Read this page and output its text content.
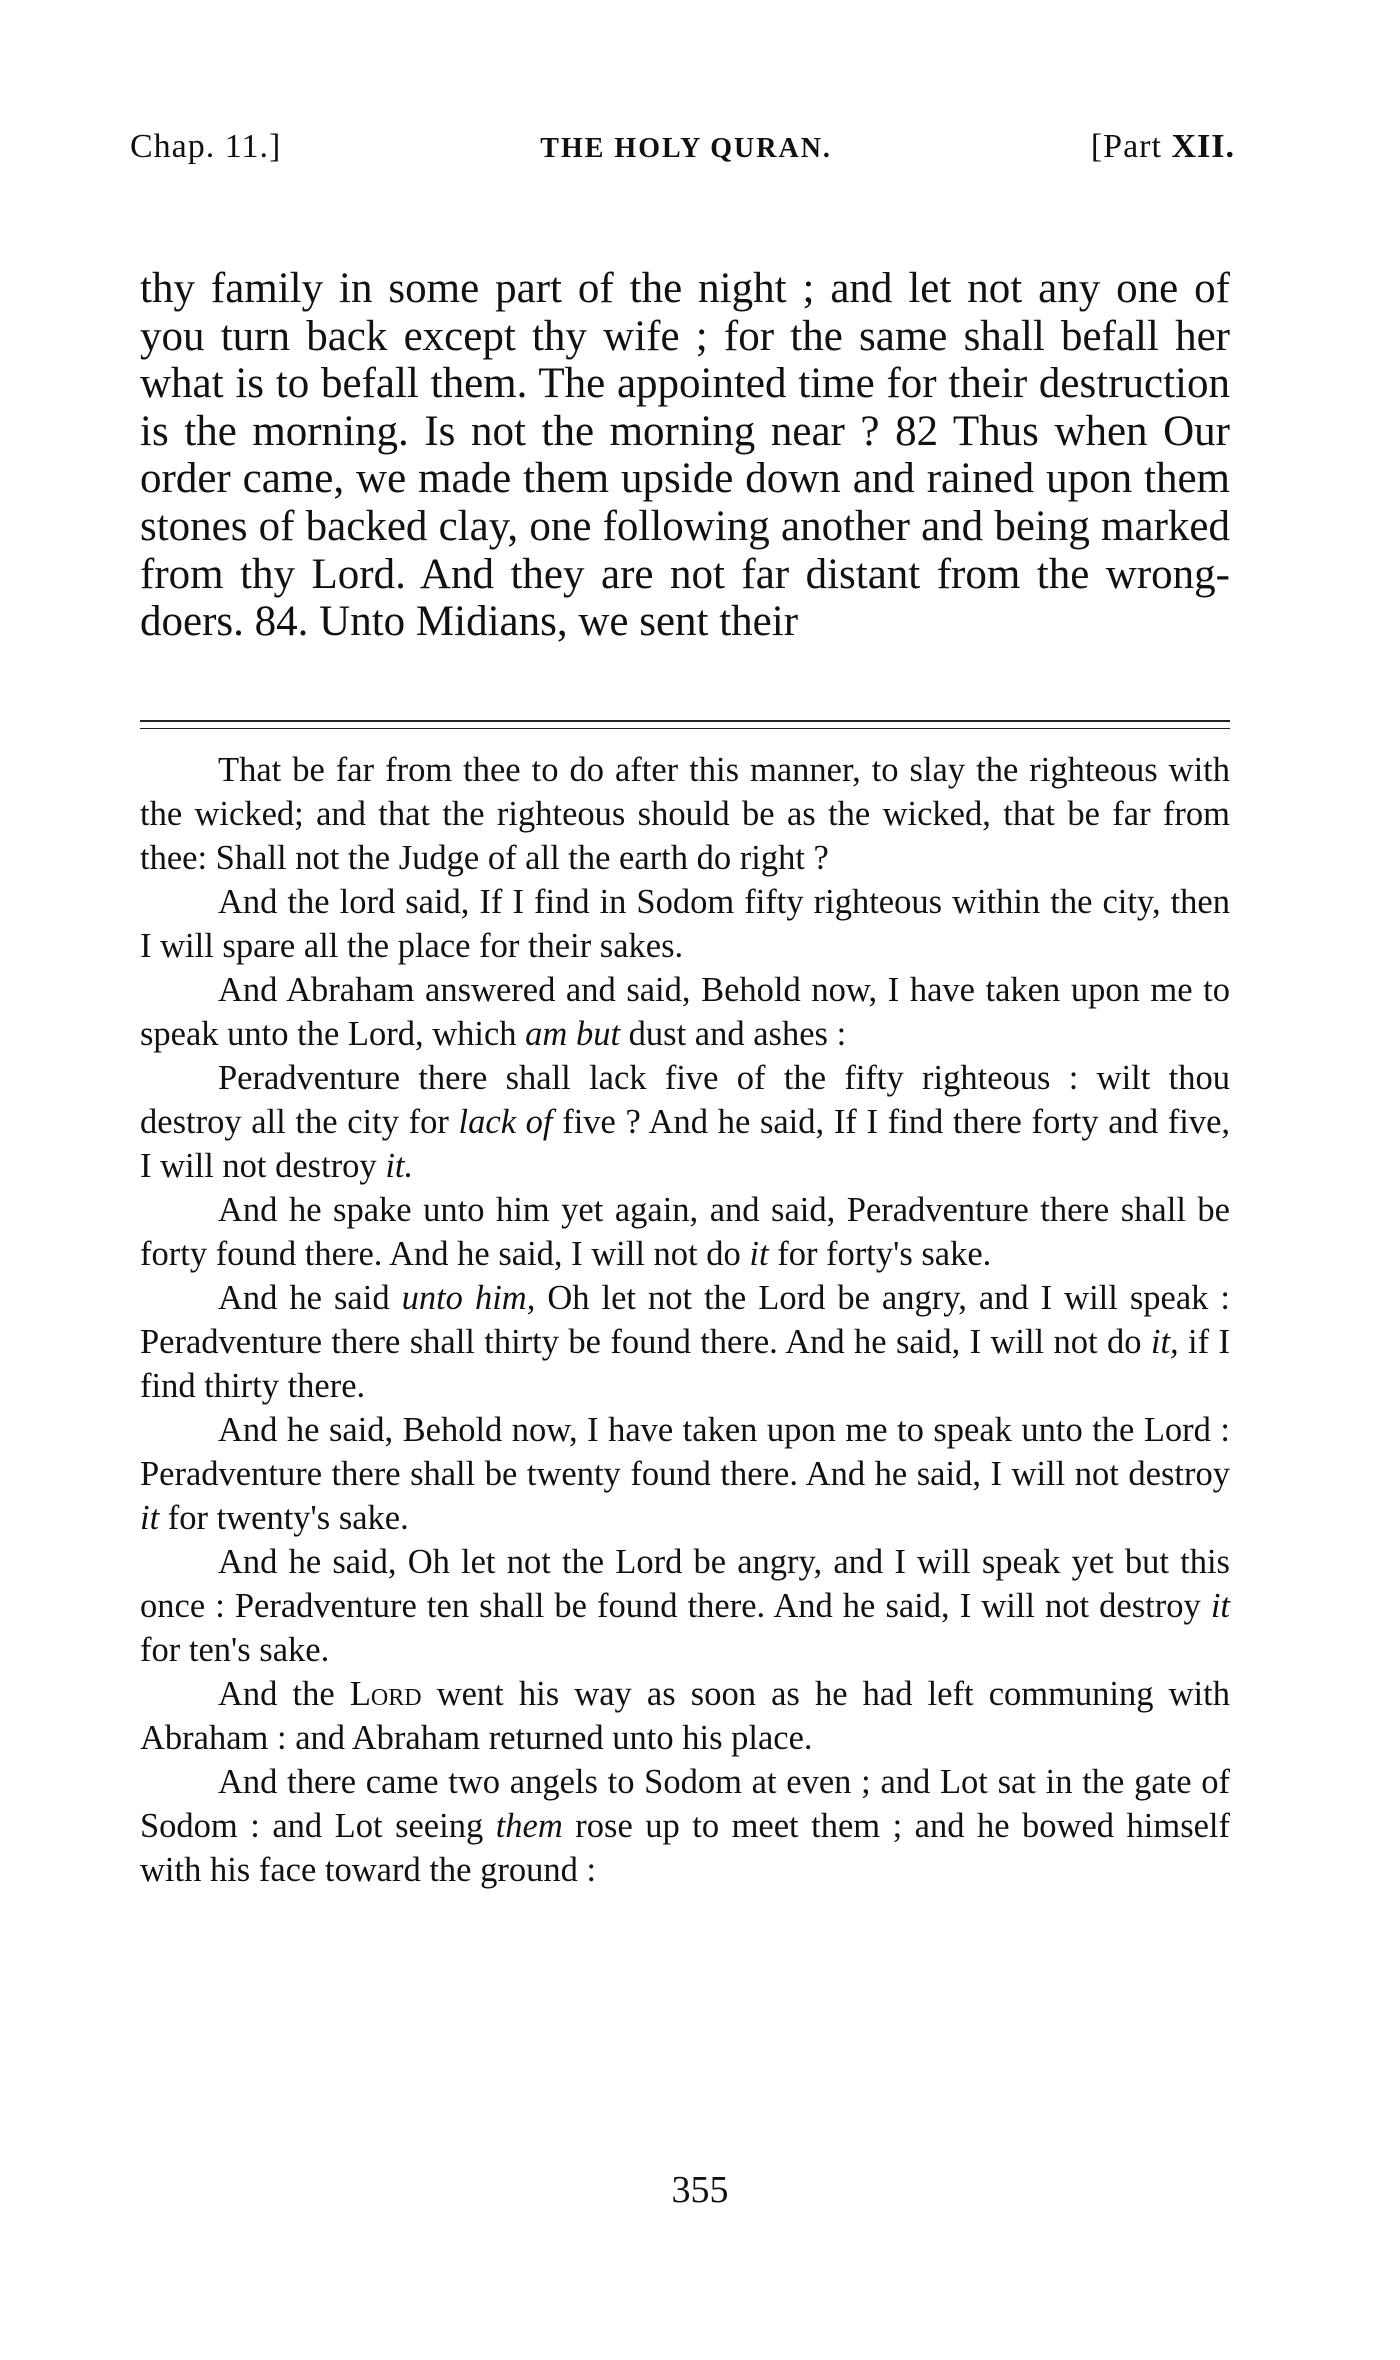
Chap. 11.]	THE HOLY QURAN.	[Part XII.

thy family in some part of the night ; and let not any one of you turn back except thy wife ; for the same shall befall her what is to befall them. The appointed time for their destruction is the morning. Is not the morning near ? 82 Thus when Our order came, we made them upside down and rained upon them stones of backed clay, one following another and being marked from thy Lord. And they are not far distant from the wrong-doers. 84. Unto Midians, we sent their

That be far from thee to do after this manner, to slay the righteous with the wicked; and that the righteous should be as the wicked, that be far from thee: Shall not the Judge of all the earth do right ?

And the lord said, If I find in Sodom fifty righteous within the city, then I will spare all the place for their sakes.

And Abraham answered and said, Behold now, I have taken upon me to speak unto the Lord, which am but dust and ashes :

Peradventure there shall lack five of the fifty righteous : wilt thou destroy all the city for lack of five ? And he said, If I find there forty and five, I will not destroy it.

And he spake unto him yet again, and said, Peradventure there shall be forty found there. And he said, I will not do it for forty's sake.

And he said unto him, Oh let not the Lord be angry, and I will speak : Peradventure there shall thirty be found there. And he said, I will not do it, if I find thirty there.

And he said, Behold now, I have taken upon me to speak unto the Lord : Peradventure there shall be twenty found there. And he said, I will not destroy it for twenty's sake.

And he said, Oh let not the Lord be angry, and I will speak yet but this once : Peradventure ten shall be found there. And he said, I will not destroy it for ten's sake.

And the Lord went his way as soon as he had left communing with Abraham : and Abraham returned unto his place.

And there came two angels to Sodom at even ; and Lot sat in the gate of Sodom : and Lot seeing them rose up to meet them ; and he bowed himself with his face toward the ground :

355
